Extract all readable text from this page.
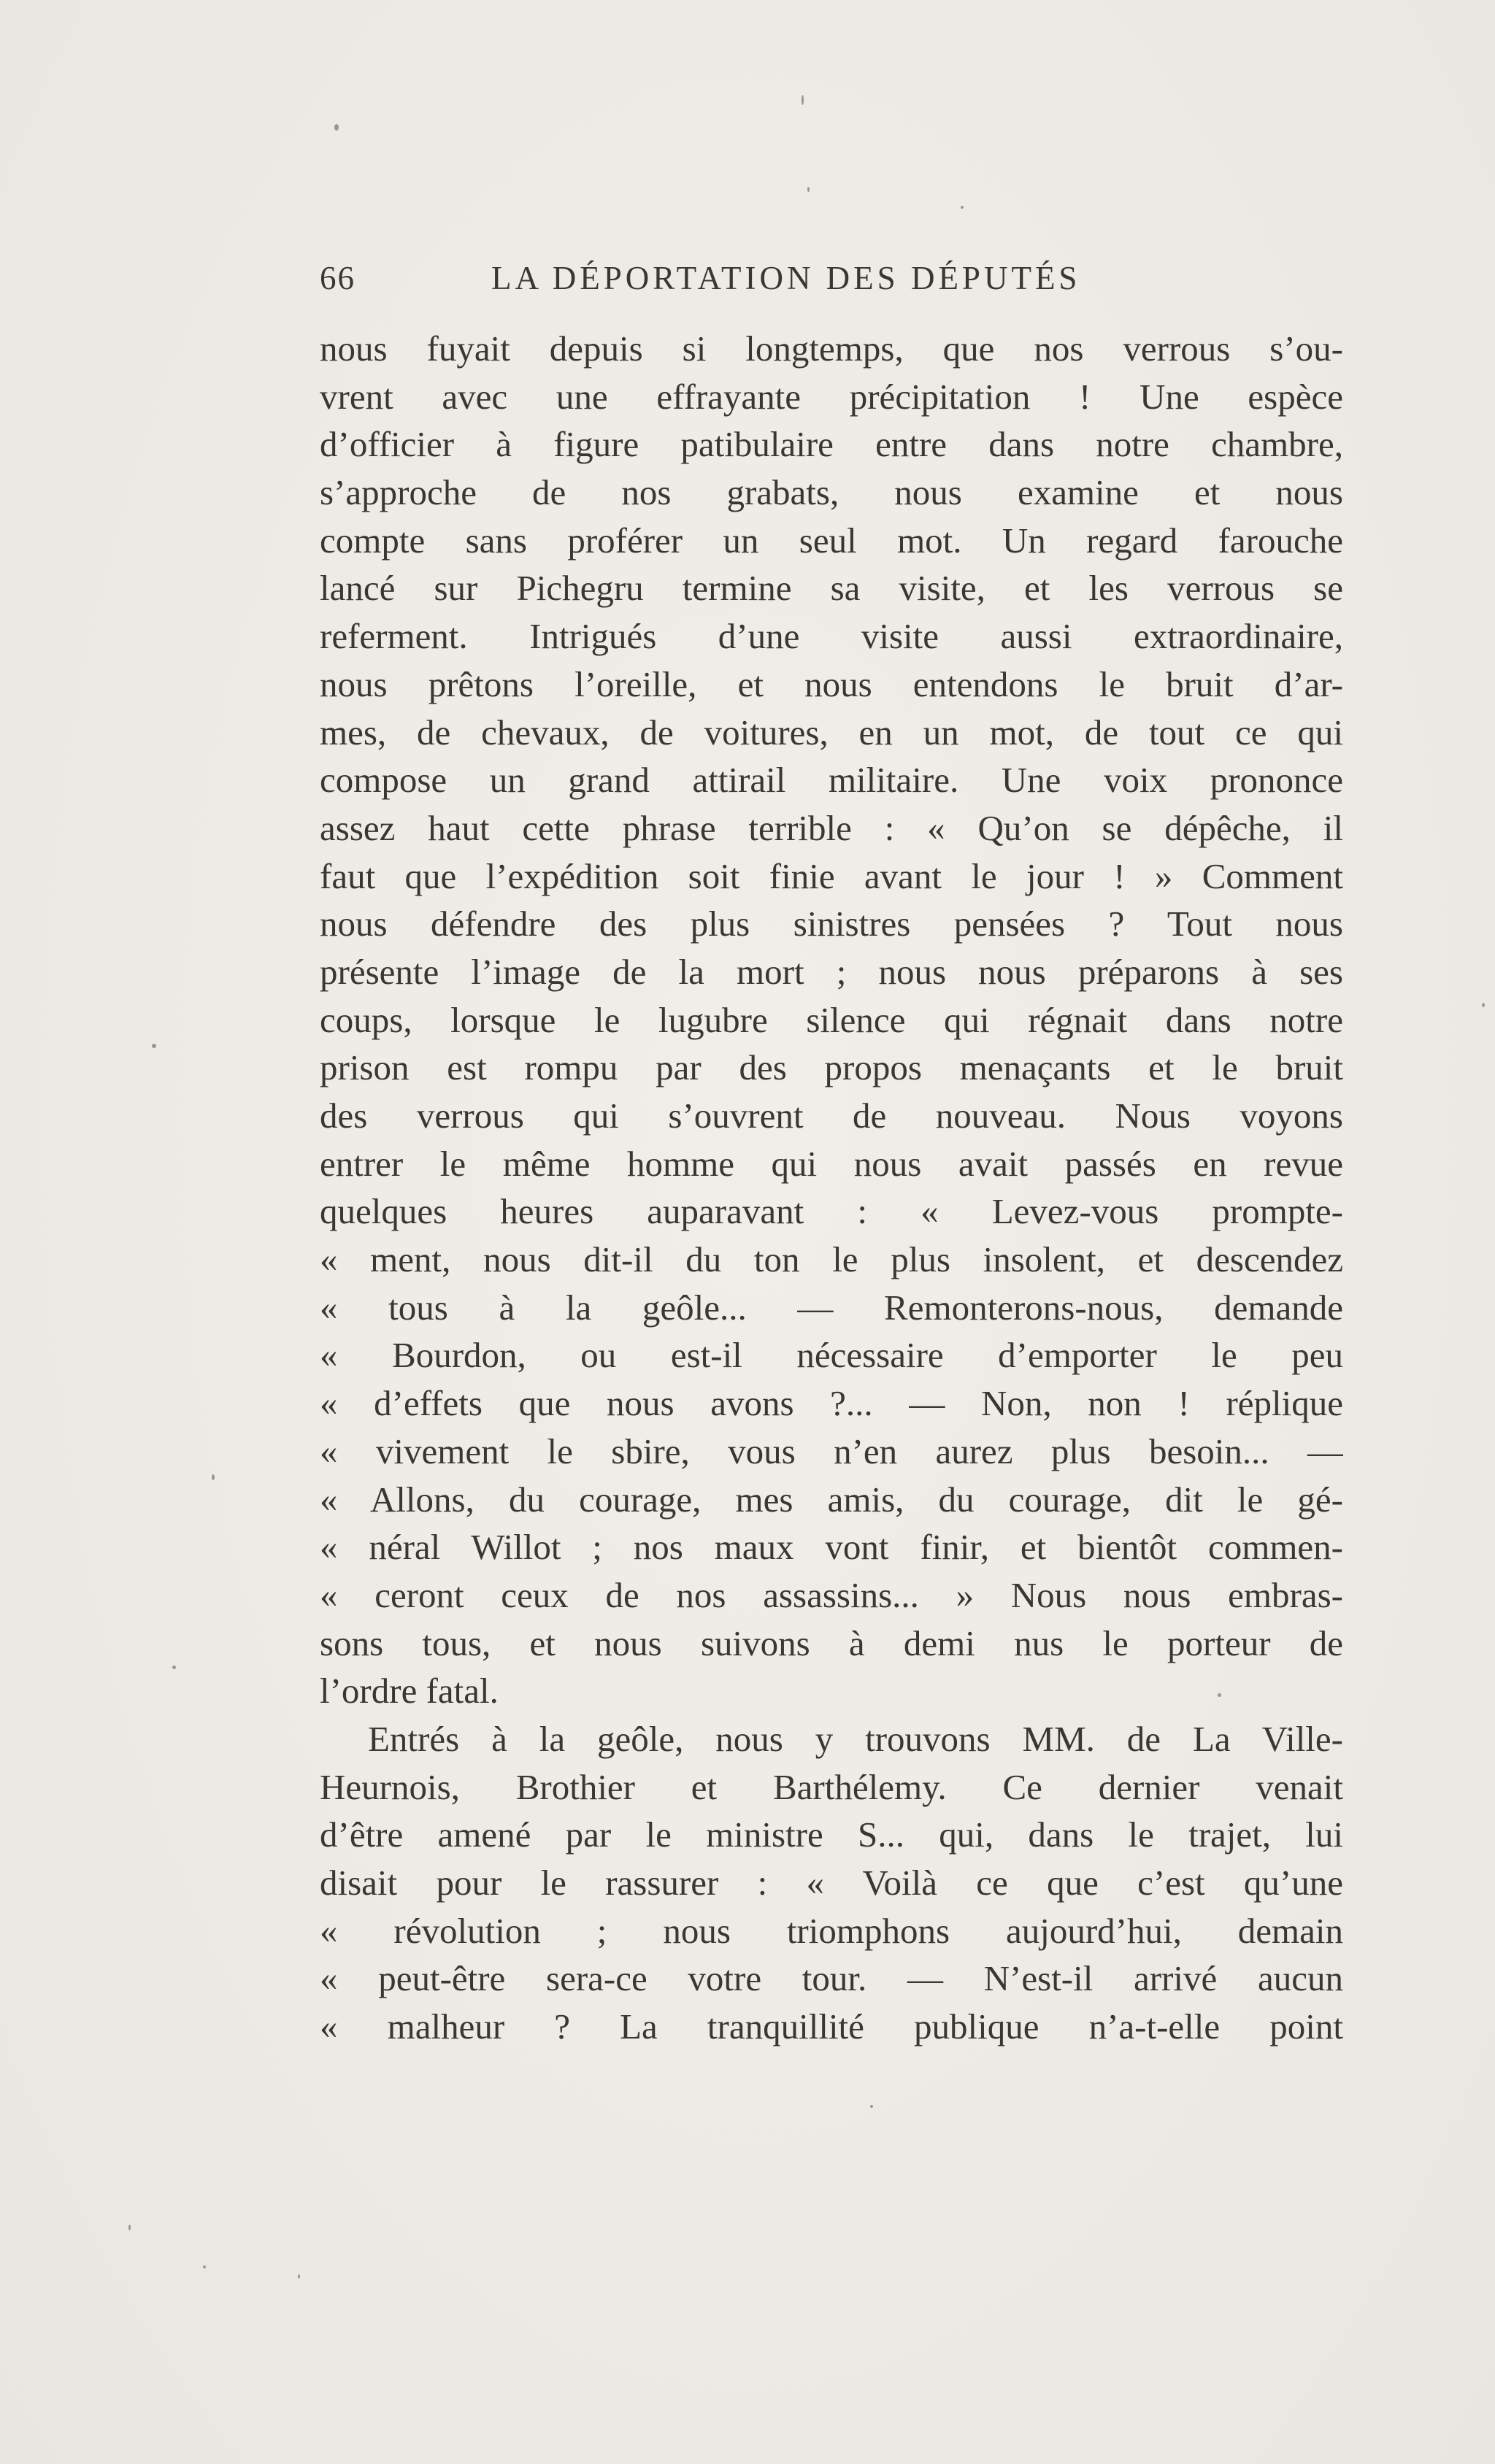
66	LA DÉPORTATION DES DÉPUTÉS
nous fuyait depuis si longtemps, que nos verrous s’ou-
vrent avec une effrayante précipitation ! Une espèce
d’officier à figure patibulaire entre dans notre chambre,
s’approche de nos grabats, nous examine et nous
compte sans proférer un seul mot. Un regard farouche
lancé sur Pichegru termine sa visite, et les verrous se
referment. Intrigués d’une visite aussi extraordinaire,
nous prêtons l’oreille, et nous entendons le bruit d’ar-
mes, de chevaux, de voitures, en un mot, de tout ce qui
compose un grand attirail militaire. Une voix prononce
assez haut cette phrase terrible : « Qu’on se dépêche, il
faut que l’expédition soit finie avant le jour ! » Comment
nous défendre des plus sinistres pensées ? Tout nous
présente l’image de la mort ; nous nous préparons à ses
coups, lorsque le lugubre silence qui régnait dans notre
prison est rompu par des propos menaçants et le bruit
des verrous qui s’ouvrent de nouveau. Nous voyons
entrer le même homme qui nous avait passés en revue
quelques heures auparavant : « Levez-vous prompte-
« ment, nous dit-il du ton le plus insolent, et descendez
« tous à la geôle... — Remonterons-nous, demande
« Bourdon, ou est-il nécessaire d’emporter le peu
« d’effets que nous avons ?... — Non, non ! réplique
« vivement le sbire, vous n’en aurez plus besoin... —
« Allons, du courage, mes amis, du courage, dit le gé-
« néral Willot ; nos maux vont finir, et bientôt commen-
« ceront ceux de nos assassins... » Nous nous embras-
sons tous, et nous suivons à demi nus le porteur de
l’ordre fatal.
Entrés à la geôle, nous y trouvons MM. de La Ville-
Heurnois, Brothier et Barthélemy. Ce dernier venait
d’être amené par le ministre S... qui, dans le trajet, lui
disait pour le rassurer : « Voilà ce que c’est qu’une
« révolution ; nous triomphons aujourd’hui, demain
« peut-être sera-ce votre tour. — N’est-il arrivé aucun
« malheur ? La tranquillité publique n’a-t-elle point
